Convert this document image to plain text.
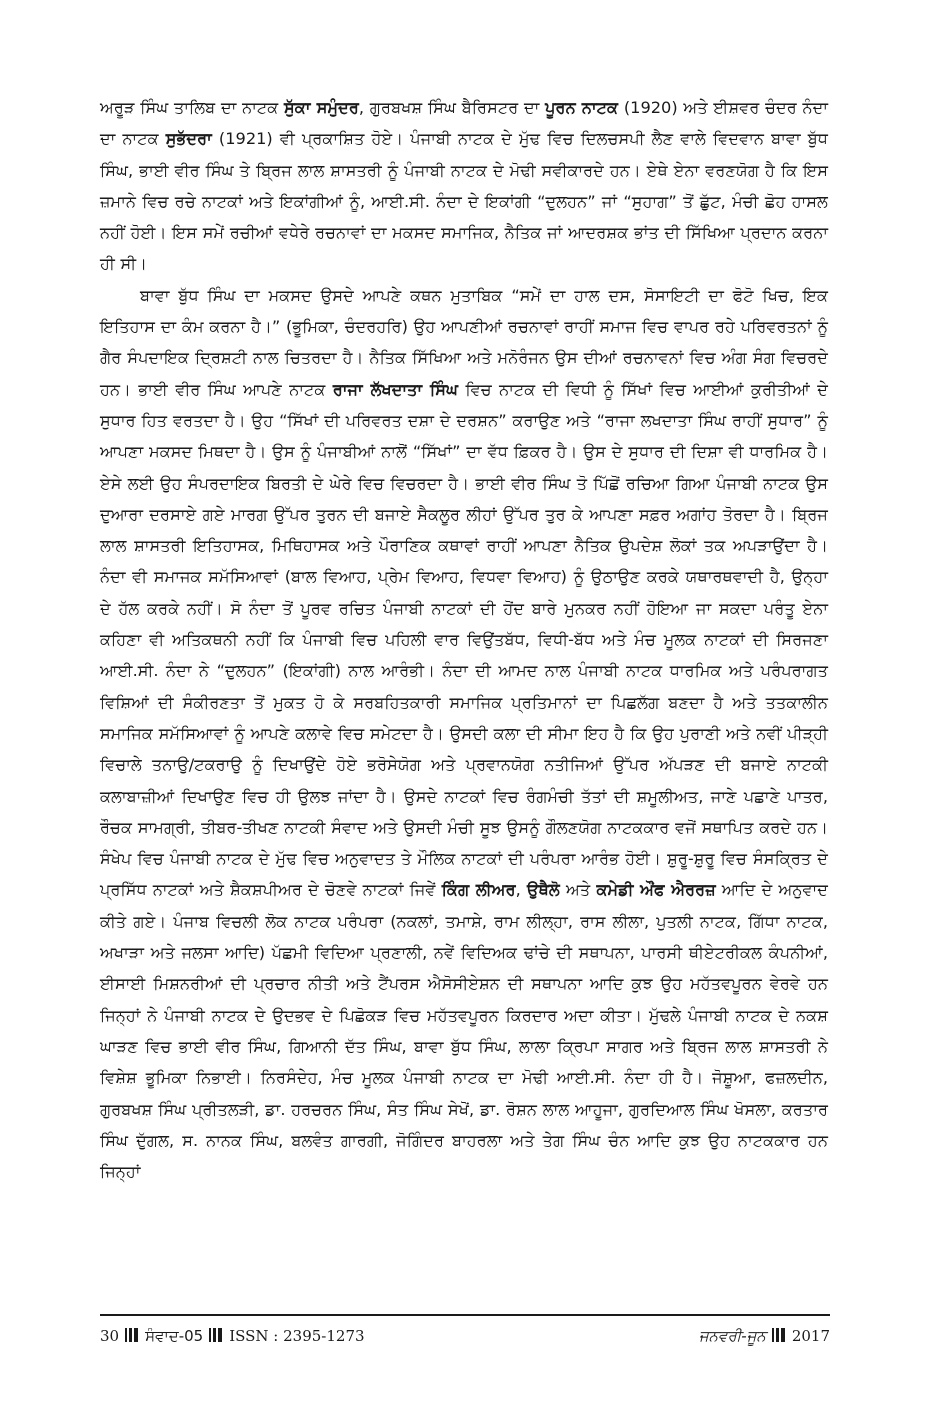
ਅਰੂੜ ਸਿੰਘ ਤਾਲਿਬ ਦਾ ਨਾਟਕ ਸੁੱਕਾ ਸਮੁੰਦਰ, ਗੁਰਬਖਸ਼ ਸਿੰਘ ਬੈਰਿਸਟਰ ਦਾ ਪੂਰਨ ਨਾਟਕ (1920) ਅਤੇ ਈਸ਼ਵਰ ਚੰਦਰ ਨੰਦਾ ਦਾ ਨਾਟਕ ਸੁਭੱਦਰਾ (1921) ਵੀ ਪ੍ਰਕਾਸ਼ਿਤ ਹੋਏ। ਪੰਜਾਬੀ ਨਾਟਕ ਦੇ ਮੁੱਢ ਵਿਚ ਦਿਲਚਸਪੀ ਲੈਣ ਵਾਲੇ ਵਿਦਵਾਨ ਬਾਵਾ ਬੁੱਧ ਸਿੰਘ, ਭਾਈ ਵੀਰ ਸਿੰਘ ਤੇ ਬ੍ਰਿਜ ਲਾਲ ਸ਼ਾਸਤਰੀ ਨੂੰ ਪੰਜਾਬੀ ਨਾਟਕ ਦੇ ਮੋਢੀ ਸਵੀਕਾਰਦੇ ਹਨ। ਏਥੇ ਏਨਾ ਵਰਣਯੋਗ ਹੈ ਕਿ ਇਸ ਜ਼ਮਾਨੇ ਵਿਚ ਰਚੇ ਨਾਟਕਾਂ ਅਤੇ ਇਕਾਂਗੀਆਂ ਨੂੰ, ਆਈ.ਸੀ. ਨੰਦਾ ਦੇ ਇਕਾਂਗੀ “ਦੁਲਹਨ” ਜਾਂ “ਸੁਹਾਗ” ਤੋਂ ਛੁੱਟ, ਮੰਚੀ ਛੋਹ ਹਾਸਲ ਨਹੀਂ ਹੋਈ। ਇਸ ਸਮੇਂ ਰਚੀਆਂ ਵਧੇਰੇ ਰਚਨਾਵਾਂ ਦਾ ਮਕਸਦ ਸਮਾਜਿਕ, ਨੈਤਿਕ ਜਾਂ ਆਦਰਸ਼ਕ ਭਾਂਤ ਦੀ ਸਿੱਖਿਆ ਪ੍ਰਦਾਨ ਕਰਨਾ ਹੀ ਸੀ।

ਬਾਵਾ ਬੁੱਧ ਸਿੰਘ ਦਾ ਮਕਸਦ ਉਸਦੇ ਆਪਣੇ ਕਥਨ ਮੁਤਾਬਿਕ “ਸਮੇਂ ਦਾ ਹਾਲ ਦਸ, ਸੋਸਾਇਟੀ ਦਾ ਫੋਟੋ ਖਿਚ, ਇਕ ਇਤਿਹਾਸ ਦਾ ਕੰਮ ਕਰਨਾ ਹੈ।” (ਭੂਮਿਕਾ, ਚੰਦਰਹਰਿ) ਉਹ ਆਪਣੀਆਂ ਰਚਨਾਵਾਂ ਰਾਹੀਂ ਸਮਾਜ ਵਿਚ ਵਾਪਰ ਰਹੇ ਪਰਿਵਰਤਨਾਂ ਨੂੰ ਗੈਰ ਸੰਪਦਾਇਕ ਦ੍ਰਿਸ਼ਟੀ ਨਾਲ ਚਿਤਰਦਾ ਹੈ। ਨੈਤਿਕ ਸਿੱਖਿਆ ਅਤੇ ਮਨੋਰੰਜਨ ਉਸ ਦੀਆਂ ਰਚਨਾਵਨਾਂ ਵਿਚ ਅੰਗ ਸੰਗ ਵਿਚਰਦੇ ਹਨ। ਭਾਈ ਵੀਰ ਸਿੰਘ ਆਪਣੇ ਨਾਟਕ ਰਾਜਾ ਲੱਖਦਾਤਾ ਸਿੰਘ ਵਿਚ ਨਾਟਕ ਦੀ ਵਿਧੀ ਨੂੰ ਸਿੱਖਾਂ ਵਿਚ ਆਈਆਂ ਕੁਰੀਤੀਆਂ ਦੇ ਸੁਧਾਰ ਹਿਤ ਵਰਤਦਾ ਹੈ। ਉਹ “ਸਿੱਖਾਂ ਦੀ ਪਰਿਵਰਤ ਦਸ਼ਾ ਦੇ ਦਰਸ਼ਨ” ਕਰਾਉਣ ਅਤੇ “ਰਾਜਾ ਲਖਦਾਤਾ ਸਿੰਘ ਰਾਹੀਂ ਸੁਧਾਰ” ਨੂੰ ਆਪਣਾ ਮਕਸਦ ਮਿਥਦਾ ਹੈ। ਉਸ ਨੂੰ ਪੰਜਾਬੀਆਂ ਨਾਲੋਂ “ਸਿੱਖਾਂ” ਦਾ ਵੱਧ ਫ਼ਿਕਰ ਹੈ। ਉਸ ਦੇ ਸੁਧਾਰ ਦੀ ਦਿਸ਼ਾ ਵੀ ਧਾਰਮਿਕ ਹੈ। ਏਸੇ ਲਈ ਉਹ ਸੰਪਰਦਾਇਕ ਬਿਰਤੀ ਦੇ ਘੇਰੇ ਵਿਚ ਵਿਚਰਦਾ ਹੈ। ਭਾਈ ਵੀਰ ਸਿੰਘ ਤੋ ਪਿੱਛੋਂ ਰਚਿਆ ਗਿਆ ਪੰਜਾਬੀ ਨਾਟਕ ਉਸ ਦੁਆਰਾ ਦਰਸਾਏ ਗਏ ਮਾਰਗ ਉੱਪਰ ਤੁਰਨ ਦੀ ਬਜਾਏ ਸੈਕਲੂਰ ਲੀਹਾਂ ਉੱਪਰ ਤੁਰ ਕੇ ਆਪਣਾ ਸਫ਼ਰ ਅਗਾਂਹ ਤੋਰਦਾ ਹੈ। ਬ੍ਰਿਜ ਲਾਲ ਸ਼ਾਸਤਰੀ ਇਤਿਹਾਸਕ, ਮਿਥਿਹਾਸਕ ਅਤੇ ਪੌਰਾਣਿਕ ਕਥਾਵਾਂ ਰਾਹੀਂ ਆਪਣਾ ਨੈਤਿਕ ਉਪਦੇਸ਼ ਲੋਕਾਂ ਤਕ ਅਪੜਾਉਂਦਾ ਹੈ। ਨੰਦਾ ਵੀ ਸਮਾਜਕ ਸਮੱਸਿਆਵਾਂ (ਬਾਲ ਵਿਆਹ, ਪ੍ਰੇਮ ਵਿਆਹ, ਵਿਧਵਾ ਵਿਆਹ) ਨੂੰ ਉਠਾਉਣ ਕਰਕੇ ਯਥਾਰਥਵਾਦੀ ਹੈ, ਉਨ੍ਹਾ ਦੇ ਹੱਲ ਕਰਕੇ ਨਹੀਂ। ਸੋ ਨੰਦਾ ਤੋਂ ਪੂਰਵ ਰਚਿਤ ਪੰਜਾਬੀ ਨਾਟਕਾਂ ਦੀ ਹੋਂਦ ਬਾਰੇ ਮੁਨਕਰ ਨਹੀਂ ਹੋਇਆ ਜਾ ਸਕਦਾ ਪਰੰਤੂ ਏਨਾ ਕਹਿਣਾ ਵੀ ਅਤਿਕਥਨੀ ਨਹੀਂ ਕਿ ਪੰਜਾਬੀ ਵਿਚ ਪਹਿਲੀ ਵਾਰ ਵਿਉਂਤਬੱਧ, ਵਿਧੀ-ਬੱਧ ਅਤੇ ਮੰਚ ਮੂਲਕ ਨਾਟਕਾਂ ਦੀ ਸਿਰਜਣਾ ਆਈ.ਸੀ. ਨੰਦਾ ਨੇ “ਦੁਲਹਨ” (ਇਕਾਂਗੀ) ਨਾਲ ਆਰੰਭੀ। ਨੰਦਾ ਦੀ ਆਮਦ ਨਾਲ ਪੰਜਾਬੀ ਨਾਟਕ ਧਾਰਮਿਕ ਅਤੇ ਪਰੰਪਰਾਗਤ ਵਿਸ਼ਿਆਂ ਦੀ ਸੰਕੀਰਣਤਾ ਤੋਂ ਮੁਕਤ ਹੋ ਕੇ ਸਰਬਹਿਤਕਾਰੀ ਸਮਾਜਿਕ ਪ੍ਰਤਿਮਾਨਾਂ ਦਾ ਪਿਛਲੱਗ ਬਣਦਾ ਹੈ ਅਤੇ ਤਤਕਾਲੀਨ ਸਮਾਜਿਕ ਸਮੱਸਿਆਵਾਂ ਨੂੰ ਆਪਣੇ ਕਲਾਵੇ ਵਿਚ ਸਮੇਟਦਾ ਹੈ। ਉਸਦੀ ਕਲਾ ਦੀ ਸੀਮਾ ਇਹ ਹੈ ਕਿ ਉਹ ਪੁਰਾਣੀ ਅਤੇ ਨਵੀਂ ਪੀੜ੍ਹੀ ਵਿਚਾਲੇ ਤਨਾਉ/ਟਕਰਾਉ ਨੂੰ ਦਿਖਾਉਂਦੇ ਹੋਏ ਭਰੋਸੇਯੋਗ ਅਤੇ ਪ੍ਰਵਾਨਯੋਗ ਨਤੀਜਿਆਂ ਉੱਪਰ ਅੱਪੜਣ ਦੀ ਬਜਾਏ ਨਾਟਕੀ ਕਲਾਬਾਜ਼ੀਆਂ ਦਿਖਾਉਣ ਵਿਚ ਹੀ ਉਲਝ ਜਾਂਦਾ ਹੈ। ਉਸਦੇ ਨਾਟਕਾਂ ਵਿਚ ਰੰਗਮੰਚੀ ਤੱਤਾਂ ਦੀ ਸ਼ਮੂਲੀਅਤ, ਜਾਣੇ ਪਛਾਣੇ ਪਾਤਰ, ਰੌਚਕ ਸਾਮਗ੍ਰੀ, ਤੀਬਰ-ਤੀਖਣ ਨਾਟਕੀ ਸੰਵਾਦ ਅਤੇ ਉਸਦੀ ਮੰਚੀ ਸੂਝ ਉਸਨੂੰ ਗੌਲਣਯੋਗ ਨਾਟਕਕਾਰ ਵਜੋਂ ਸਥਾਪਿਤ ਕਰਦੇ ਹਨ। ਸੰਖੇਪ ਵਿਚ ਪੰਜਾਬੀ ਨਾਟਕ ਦੇ ਮੁੱਢ ਵਿਚ ਅਨੁਵਾਦਤ ਤੇ ਮੌਲਿਕ ਨਾਟਕਾਂ ਦੀ ਪਰੰਪਰਾ ਆਰੰਭ ਹੋਈ। ਸ਼ੁਰੂ-ਸ਼ੁਰੂ ਵਿਚ ਸੰਸਕ੍ਰਿਤ ਦੇ ਪ੍ਰਸਿੱਧ ਨਾਟਕਾਂ ਅਤੇ ਸ਼ੈਕਸ਼ਪੀਅਰ ਦੇ ਚੋਣਵੇ ਨਾਟਕਾਂ ਜਿਵੇਂ ਕਿੰਗ ਲੀਅਰ, ਉਥੈਲੋ ਅਤੇ ਕਮੇਡੀ ਔਂਫ ਐਰਰਜ਼ ਆਦਿ ਦੇ ਅਨੁਵਾਦ ਕੀਤੇ ਗਏ। ਪੰਜਾਬ ਵਿਚਲੀ ਲੋਕ ਨਾਟਕ ਪਰੰਪਰਾ (ਨਕਲਾਂ, ਤਮਾਸ਼ੇ, ਰਾਮ ਲੀਲ੍ਹਾ, ਰਾਸ ਲੀਲਾ, ਪੁਤਲੀ ਨਾਟਕ, ਗਿੱਧਾ ਨਾਟਕ, ਅਖਾੜਾ ਅਤੇ ਜਲਸਾ ਆਦਿ) ਪੱਛਮੀ ਵਿਦਿਆ ਪ੍ਰਣਾਲੀ, ਨਵੇਂ ਵਿਦਿਅਕ ਢਾਂਚੇ ਦੀ ਸਥਾਪਨਾ, ਪਾਰਸੀ ਥੀਏਟਰੀਕਲ ਕੰਪਨੀਆਂ, ਈਸਾਈ ਮਿਸ਼ਨਰੀਆਂ ਦੀ ਪ੍ਰਚਾਰ ਨੀਤੀ ਅਤੇ ਟੈਂਪਰਸ ਐਸੋਸੀਏਸ਼ਨ ਦੀ ਸਥਾਪਨਾ ਆਦਿ ਕੁਝ ਉਹ ਮਹੱਤਵਪੂਰਨ ਵੇਰਵੇ ਹਨ ਜਿਨ੍ਹਾਂ ਨੇ ਪੰਜਾਬੀ ਨਾਟਕ ਦੇ ਉਦਭਵ ਦੇ ਪਿਛੋਕੜ ਵਿਚ ਮਹੱਤਵਪੂਰਨ ਕਿਰਦਾਰ ਅਦਾ ਕੀਤਾ। ਮੁੱਢਲੇ ਪੰਜਾਬੀ ਨਾਟਕ ਦੇ ਨਕਸ਼ ਘਾੜਣ ਵਿਚ ਭਾਈ ਵੀਰ ਸਿੰਘ, ਗਿਆਨੀ ਦੱਤ ਸਿੰਘ, ਬਾਵਾ ਬੁੱਧ ਸਿੰਘ, ਲਾਲਾ ਕ੍ਰਿਪਾ ਸਾਗਰ ਅਤੇ ਬ੍ਰਿਜ ਲਾਲ ਸ਼ਾਸਤਰੀ ਨੇ ਵਿਸ਼ੇਸ਼ ਭੂਮਿਕਾ ਨਿਭਾਈ। ਨਿਰਸੰਦੇਹ, ਮੰਚ ਮੂਲਕ ਪੰਜਾਬੀ ਨਾਟਕ ਦਾ ਮੋਢੀ ਆਈ.ਸੀ. ਨੰਦਾ ਹੀ ਹੈ। ਜੋਸ਼ੂਆ, ਫਜ਼ਲਦੀਨ, ਗੁਰਬਖਸ਼ ਸਿੰਘ ਪ੍ਰੀਤਲੜੀ, ਡਾ. ਹਰਚਰਨ ਸਿੰਘ, ਸੰਤ ਸਿੰਘ ਸੇਖੋਂ, ਡਾ. ਰੋਸ਼ਨ ਲਾਲ ਆਹੂਜਾ, ਗੁਰਦਿਆਲ ਸਿੰਘ ਖੋਸਲਾ, ਕਰਤਾਰ ਸਿੰਘ ਦੁੱਗਲ, ਸ. ਨਾਨਕ ਸਿੰਘ, ਬਲਵੰਤ ਗਾਰਗੀ, ਜੋਗਿੰਦਰ ਬਾਹਰਲਾ ਅਤੇ ਤੇਗ ਸਿੰਘ ਚੰਨ ਆਦਿ ਕੁਝ ਉਹ ਨਾਟਕਕਾਰ ਹਨ ਜਿਨ੍ਹਾਂ

30 ਸੰਵਾਦ-05 ISSN : 2395-1273	ਜਨਵਰੀ-ਜੂਨ 2017
